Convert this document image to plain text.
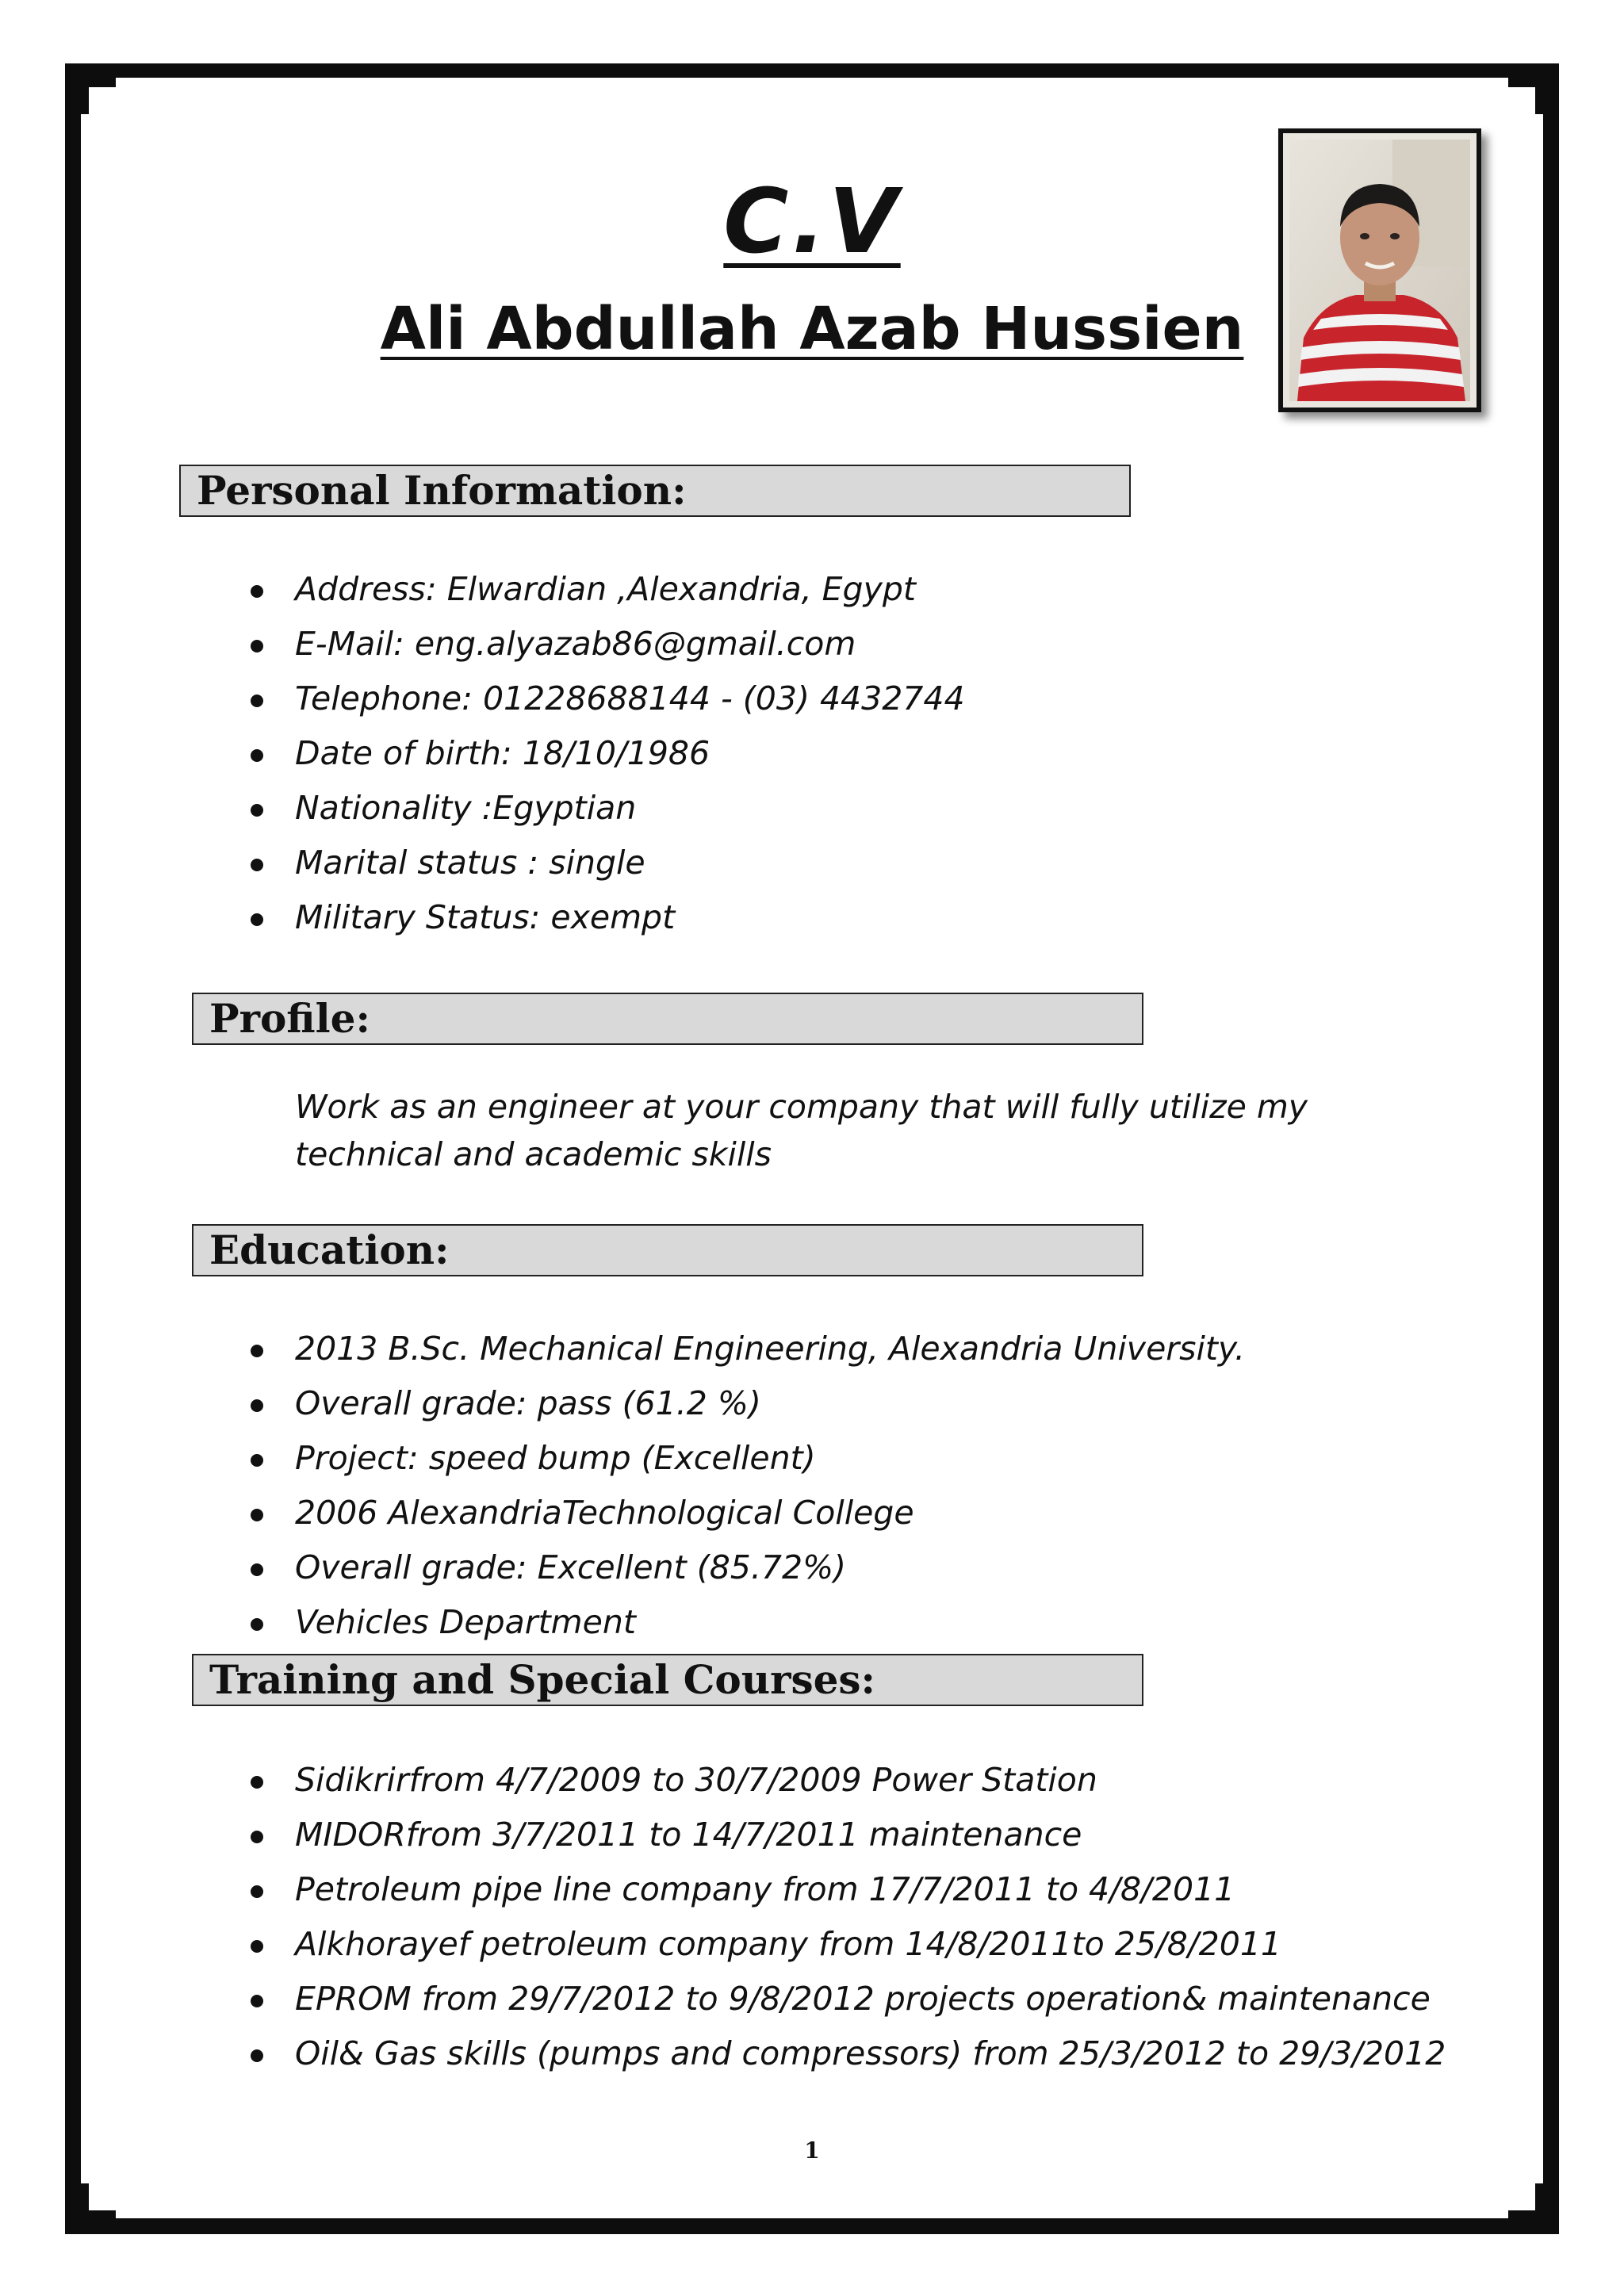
C.V
Ali Abdullah Azab Hussien
Personal Information:
Address: Elwardian ,Alexandria, Egypt
E-Mail: eng.alyazab86@gmail.com
Telephone: 01228688144 - (03) 4432744
Date of birth: 18/10/1986
Nationality :Egyptian
Marital status : single
Military Status: exempt
Profile:
Work as an engineer at your company that will fully utilize my technical and academic skills
Education:
2013 B.Sc. Mechanical Engineering, Alexandria University.
Overall grade: pass (61.2 %)
Project: speed bump (Excellent)
2006 AlexandriaTechnological College
Overall grade: Excellent (85.72%)
Vehicles Department
Training and Special Courses:
Sidikrirfrom 4/7/2009 to 30/7/2009 Power Station
MIDORfrom 3/7/2011 to 14/7/2011 maintenance
Petroleum pipe line company from 17/7/2011 to 4/8/2011
Alkhorayef petroleum company from 14/8/2011to 25/8/2011
EPROM from 29/7/2012 to 9/8/2012 projects operation& maintenance
Oil& Gas skills (pumps and compressors) from 25/3/2012 to 29/3/2012
1
